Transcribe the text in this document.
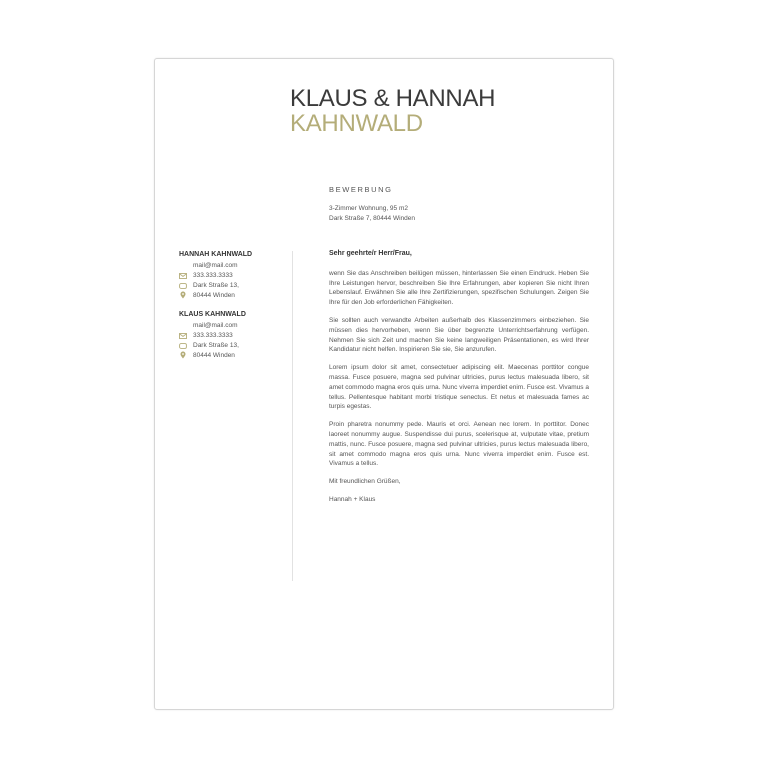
KLAUS & HANNAH
KAHNWALD
BEWERBUNG
3-Zimmer Wohnung, 95 m2
Dark Straße 7, 80444 Winden
HANNAH KAHNWALD
mail@mail.com
333.333.3333
Dark Straße 13,
80444 Winden
KLAUS KAHNWALD
mail@mail.com
333.333.3333
Dark Straße 13,
80444 Winden
Sehr geehrte/r Herr/Frau,

wenn Sie das Anschreiben beilügen müssen, hinterlassen Sie einen Eindruck. Heben Sie Ihre Leistungen hervor, beschreiben Sie Ihre Erfahrungen, aber kopieren Sie nicht Ihren Lebenslauf. Erwähnen Sie alle Ihre Zertifizierungen, spezifischen Schulungen. Zeigen Sie Ihre für den Job erforderlichen Fähigkeiten.

Sie sollten auch verwandte Arbeiten außerhalb des Klassenzimmers einbeziehen. Sie müssen dies hervorheben, wenn Sie über begrenzte Unterrichtserfahrung verfügen. Nehmen Sie sich Zeit und machen Sie keine langweiligen Präsentationen, es wird Ihrer Kandidatur nicht helfen. Inspirieren Sie sie, Sie anzurufen.

Lorem ipsum dolor sit amet, consectetuer adipiscing elit. Maecenas porttitor congue massa. Fusce posuere, magna sed pulvinar ultricies, purus lectus malesuada libero, sit amet commodo magna eros quis urna. Nunc viverra imperdiet enim. Fusce est. Vivamus a tellus. Pellentesque habitant morbi tristique senectus. Et netus et malesuada fames ac turpis egestas.

Proin pharetra nonummy pede. Mauris et orci. Aenean nec lorem. In porttitor. Donec laoreet nonummy augue. Suspendisse dui purus, scelerisque at, vulputate vitae, pretium mattis, nunc. Fusce posuere, magna sed pulvinar ultricies, purus lectus malesuada libero, sit amet commodo magna eros quis urna. Nunc viverra imperdiet enim. Fusce est. Vivamus a tellus.

Mit freundlichen Grüßen,
Hannah + Klaus
